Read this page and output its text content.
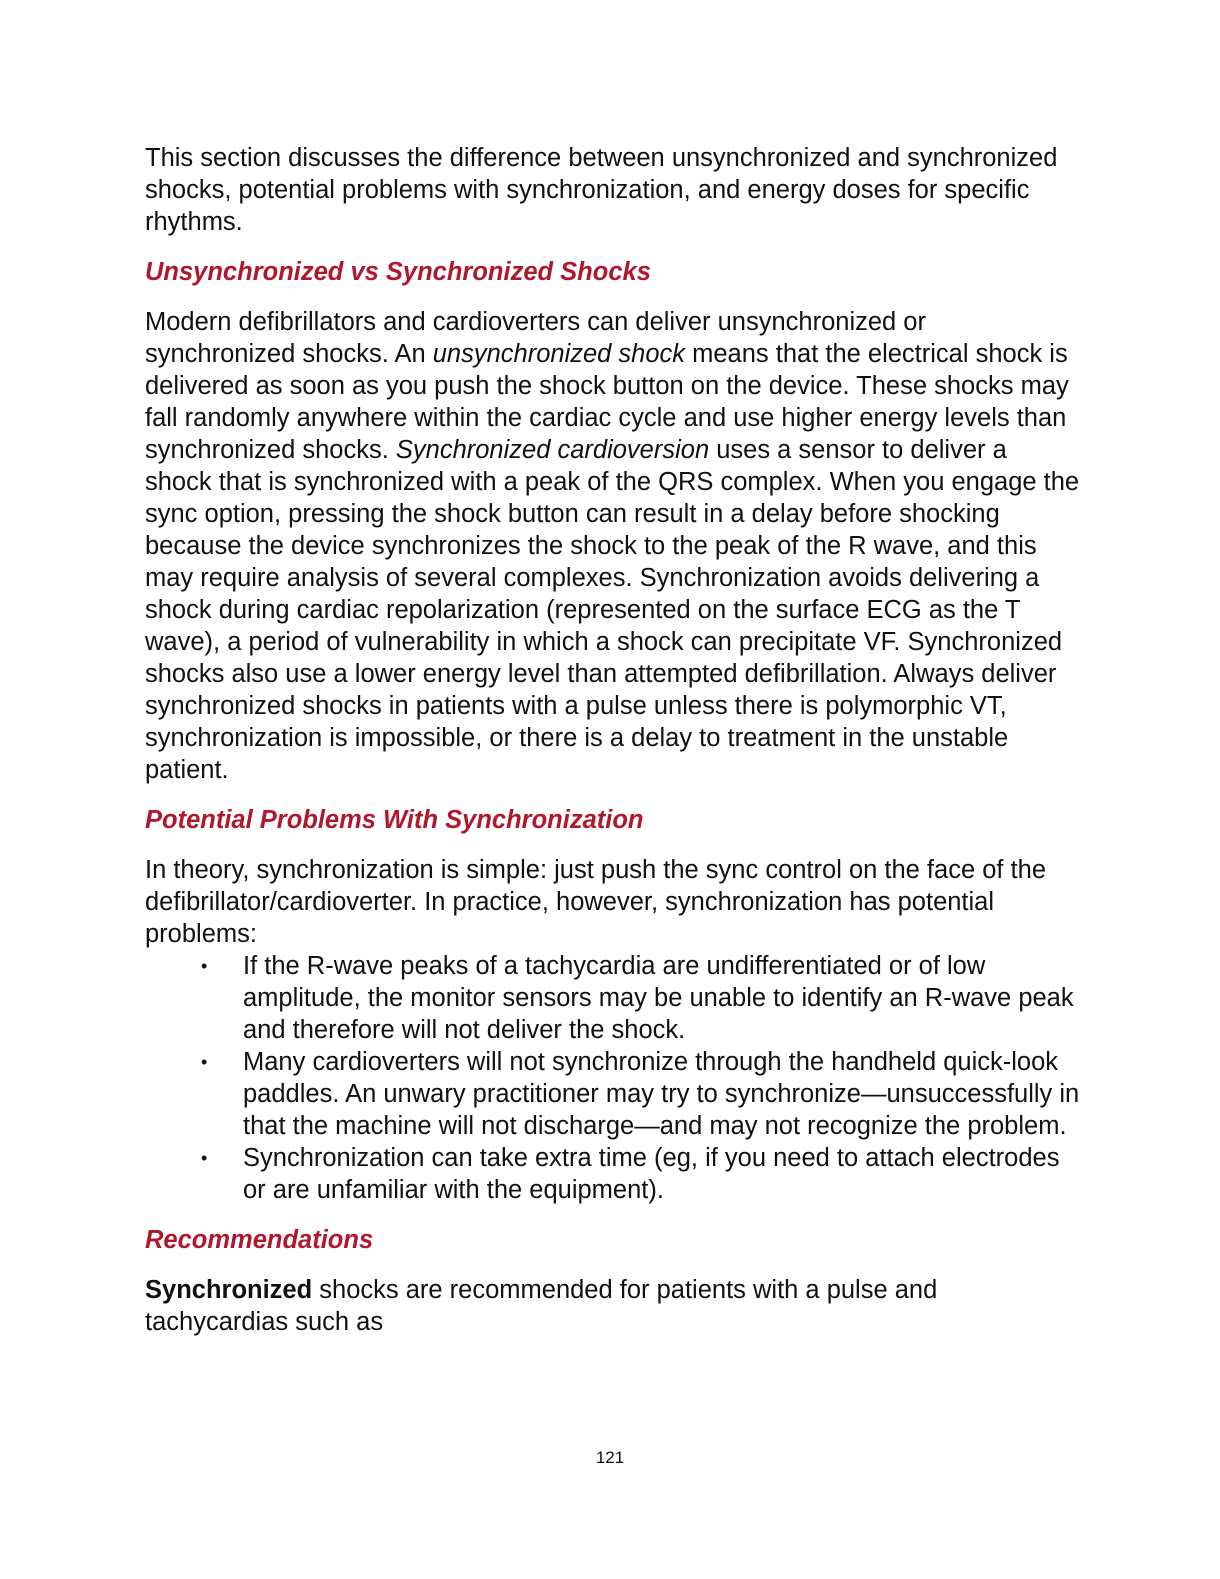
This section discusses the difference between unsynchronized and synchronized shocks, potential problems with synchronization, and energy doses for specific rhythms.

Unsynchronized vs Synchronized Shocks

Modern defibrillators and cardioverters can deliver unsynchronized or synchronized shocks. An unsynchronized shock means that the electrical shock is delivered as soon as you push the shock button on the device. These shocks may fall randomly anywhere within the cardiac cycle and use higher energy levels than synchronized shocks. Synchronized cardioversion uses a sensor to deliver a shock that is synchronized with a peak of the QRS complex. When you engage the sync option, pressing the shock button can result in a delay before shocking because the device synchronizes the shock to the peak of the R wave, and this may require analysis of several complexes. Synchronization avoids delivering a shock during cardiac repolarization (represented on the surface ECG as the T wave), a period of vulnerability in which a shock can precipitate VF. Synchronized shocks also use a lower energy level than attempted defibrillation. Always deliver synchronized shocks in patients with a pulse unless there is polymorphic VT, synchronization is impossible, or there is a delay to treatment in the unstable patient.

Potential Problems With Synchronization

In theory, synchronization is simple: just push the sync control on the face of the defibrillator/cardioverter. In practice, however, synchronization has potential problems:

• If the R-wave peaks of a tachycardia are undifferentiated or of low amplitude, the monitor sensors may be unable to identify an R-wave peak and therefore will not deliver the shock.
• Many cardioverters will not synchronize through the handheld quick-look paddles. An unwary practitioner may try to synchronize—unsuccessfully in that the machine will not discharge—and may not recognize the problem.
• Synchronization can take extra time (eg, if you need to attach electrodes or are unfamiliar with the equipment).
Recommendations

Synchronized shocks are recommended for patients with a pulse and tachycardias such as

121
